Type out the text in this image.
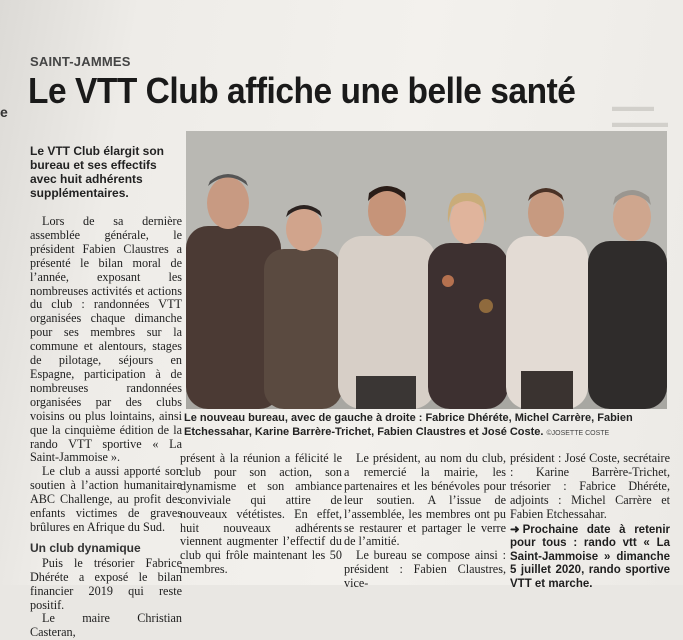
e	▬▬▬
▬▬▬▬
SAINT-JAMMES
Le VTT Club affiche une belle santé
Le VTT Club élargit son bureau et ses effectifs avec huit adhérents supplémentaires.

Lors de sa dernière assemblée générale, le président Fabien Claustres a présenté le bilan moral de l’année, exposant les nombreuses activités et actions du club : randonnées VTT organisées chaque dimanche pour ses membres sur la commune et alentours, stages de pilotage, séjours en Espagne, participation à de nombreuses randonnées organisées par des clubs voisins ou plus lointains, ainsi que la cinquième édition de la rando VTT sportive « La Saint-Jammoise ».

Le club a aussi apporté son soutien à l’action humanitaire ABC Challenge, au profit des enfants victimes de graves brûlures en Afrique du Sud.

Un club dynamique

Puis le trésorier Fabrice Dhéréte a exposé le bilan financier 2019 qui reste positif.

Le maire Christian Casteran,

Le nouveau bureau, avec de gauche à droite : Fabrice Dhéréte, Michel Carrère, Fabien Etchessahar, Karine Barrère-Trichet, Fabien Claustres et José Coste. ©JOSETTE COSTE

présent à la réunion a félicité le club pour son action, son dynamisme et son ambiance conviviale qui attire de nouveaux vététistes. En effet, huit nouveaux adhérents viennent augmenter l’effectif du club qui frôle maintenant les 50 membres.

Le président, au nom du club, a remercié la mairie, les partenaires et les bénévoles pour leur soutien. A l’issue de l’assemblée, les membres ont pu se restaurer et partager le verre de l’amitié.

Le bureau se compose ainsi : président : Fabien Claustres, vice-

président : José Coste, secrétaire : Karine Barrère-Trichet, trésorier : Fabrice Dhéréte, adjoints : Michel Carrère et Fabien Etchessahar.

➜ Prochaine date à retenir pour tous : rando vtt « La Saint-Jammoise » dimanche 5 juillet 2020, rando sportive VTT et marche.
